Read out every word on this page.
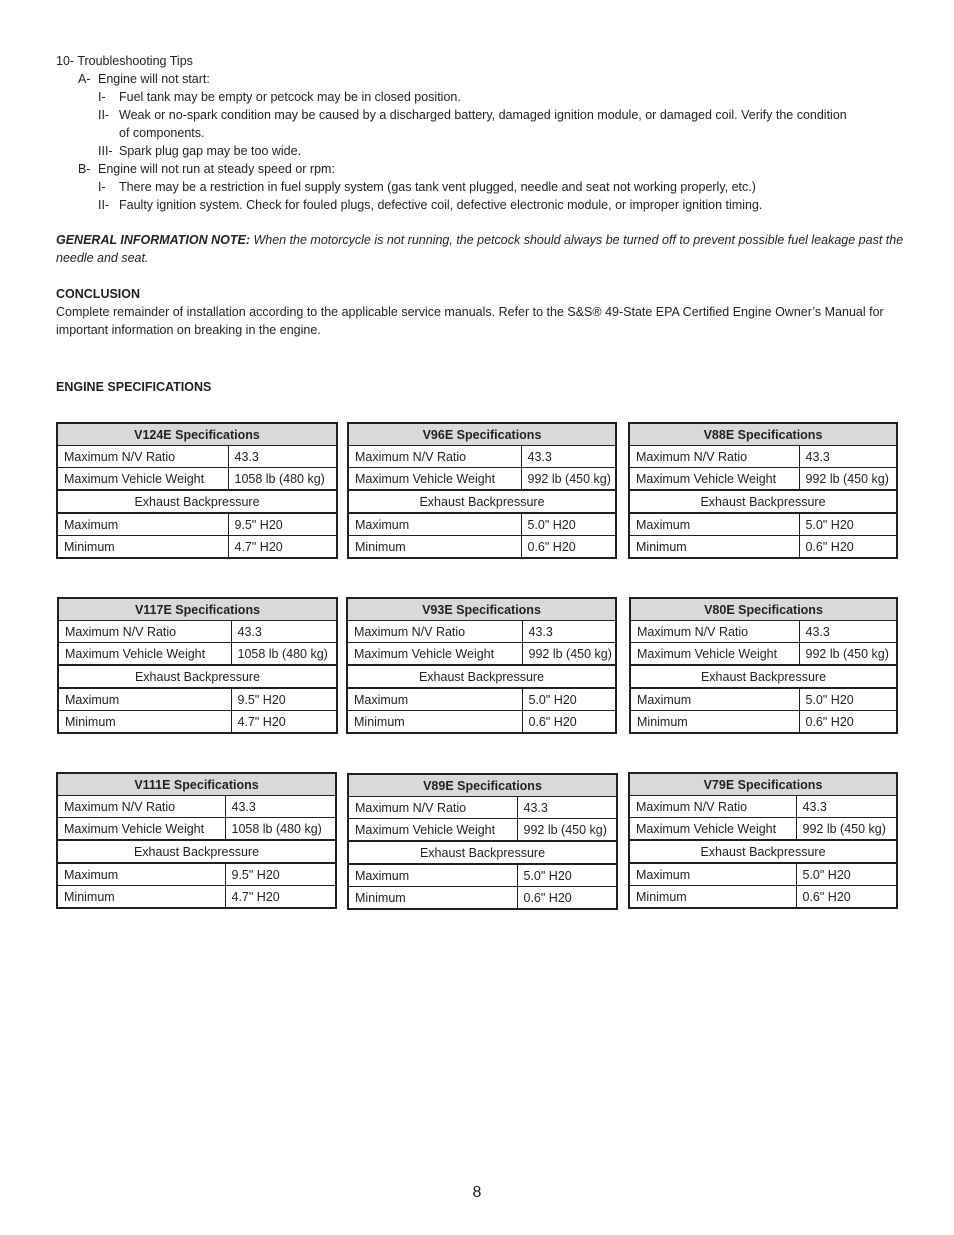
10- Troubleshooting Tips
A- Engine will not start:
I- Fuel tank may be empty or petcock may be in closed position.
II- Weak or no-spark condition may be caused by a discharged battery, damaged ignition module, or damaged coil. Verify the condition
of components.
III- Spark plug gap may be too wide.
B- Engine will not run at steady speed or rpm:
I- There may be a restriction in fuel supply system (gas tank vent plugged, needle and seat not working properly, etc.)
II- Faulty ignition system. Check for fouled plugs, defective coil, defective electronic module, or improper ignition timing.
GENERAL INFORMATION NOTE: When the motorcycle is not running, the petcock should always be turned off to prevent possible fuel leakage past the
needle and seat.
CONCLUSION
Complete remainder of installation according to the applicable service manuals. Refer to the S&S® 49-State EPA Certified Engine Owner’s Manual for
important information on breaking in the engine.
ENGINE SPECIFICATIONS
V124E Specifications	
Maximum N/V Ratio	43.3
Maximum Vehicle Weight	1058 lb (480 kg)
Exhaust Backpressure	
Maximum	9.5" H20
Minimum	4.7" H20
V96E Specifications	
Maximum N/V Ratio	43.3
Maximum Vehicle Weight	992 lb (450 kg)
Exhaust Backpressure	
Maximum	5.0" H20
Minimum	0.6" H20
V88E Specifications	
Maximum N/V Ratio	43.3
Maximum Vehicle Weight	992 lb (450 kg)
Exhaust Backpressure	
Maximum	5.0" H20
Minimum	0.6" H20
V117E Specifications	
Maximum N/V Ratio	43.3
Maximum Vehicle Weight	1058 lb (480 kg)
Exhaust Backpressure	
Maximum	9.5" H20
Minimum	4.7" H20
V93E Specifications	
Maximum N/V Ratio	43.3
Maximum Vehicle Weight	992 lb (450 kg)
Exhaust Backpressure	
Maximum	5.0" H20
Minimum	0.6" H20
V80E Specifications	
Maximum N/V Ratio	43.3
Maximum Vehicle Weight	992 lb (450 kg)
Exhaust Backpressure	
Maximum	5.0" H20
Minimum	0.6" H20
V111E Specifications	
Maximum N/V Ratio	43.3
Maximum Vehicle Weight	1058 lb (480 kg)
Exhaust Backpressure	
Maximum	9.5" H20
Minimum	4.7" H20
V89E Specifications	
Maximum N/V Ratio	43.3
Maximum Vehicle Weight	992 lb (450 kg)
Exhaust Backpressure	
Maximum	5.0" H20
Minimum	0.6" H20
V79E Specifications	
Maximum N/V Ratio	43.3
Maximum Vehicle Weight	992 lb (450 kg)
Exhaust Backpressure	
Maximum	5.0" H20
Minimum	0.6" H20
8
